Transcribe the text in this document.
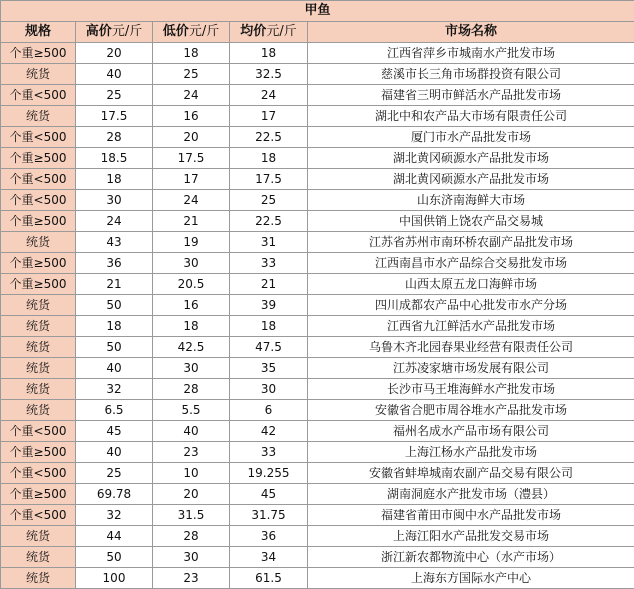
甲鱼				
规格	高价元/斤	低价元/斤	均价元/斤	市场名称
个重≥500	20	18	18	江西省萍乡市城南水产批发市场
统货	40	25	32.5	慈溪市长三角市场群投资有限公司
个重<500	25	24	24	福建省三明市鲜活水产品批发市场
统货	17.5	16	17	湖北中和农产品大市场有限责任公司
个重<500	28	20	22.5	厦门市水产品批发市场
个重≥500	18.5	17.5	18	湖北黄冈硕源水产品批发市场
个重<500	18	17	17.5	湖北黄冈硕源水产品批发市场
个重<500	30	24	25	山东济南海鲜大市场
个重≥500	24	21	22.5	中国供销上饶农产品交易城
统货	43	19	31	江苏省苏州市南环桥农副产品批发市场
个重≥500	36	30	33	江西南昌市水产品综合交易批发市场
个重≥500	21	20.5	21	山西太原五龙口海鲜市场
统货	50	16	39	四川成都农产品中心批发市水产分场
统货	18	18	18	江西省九江鲜活水产品批发市场
统货	50	42.5	47.5	乌鲁木齐北园春果业经营有限责任公司
统货	40	30	35	江苏凌家塘市场发展有限公司
统货	32	28	30	长沙市马王堆海鲜水产批发市场
统货	6.5	5.5	6	安徽省合肥市周谷堆水产品批发市场
个重<500	45	40	42	福州名成水产品市场有限公司
个重≥500	40	23	33	上海江杨水产品批发市场
个重<500	25	10	19.255	安徽省蚌埠城南农副产品交易有限公司
个重≥500	69.78	20	45	湖南洞庭水产批发市场（澧县）
个重<500	32	31.5	31.75	福建省莆田市闽中水产品批发市场
统货	44	28	36	上海江阳水产品批发交易市场
统货	50	30	34	浙江新农都物流中心（水产市场）
统货	100	23	61.5	上海东方国际水产中心
